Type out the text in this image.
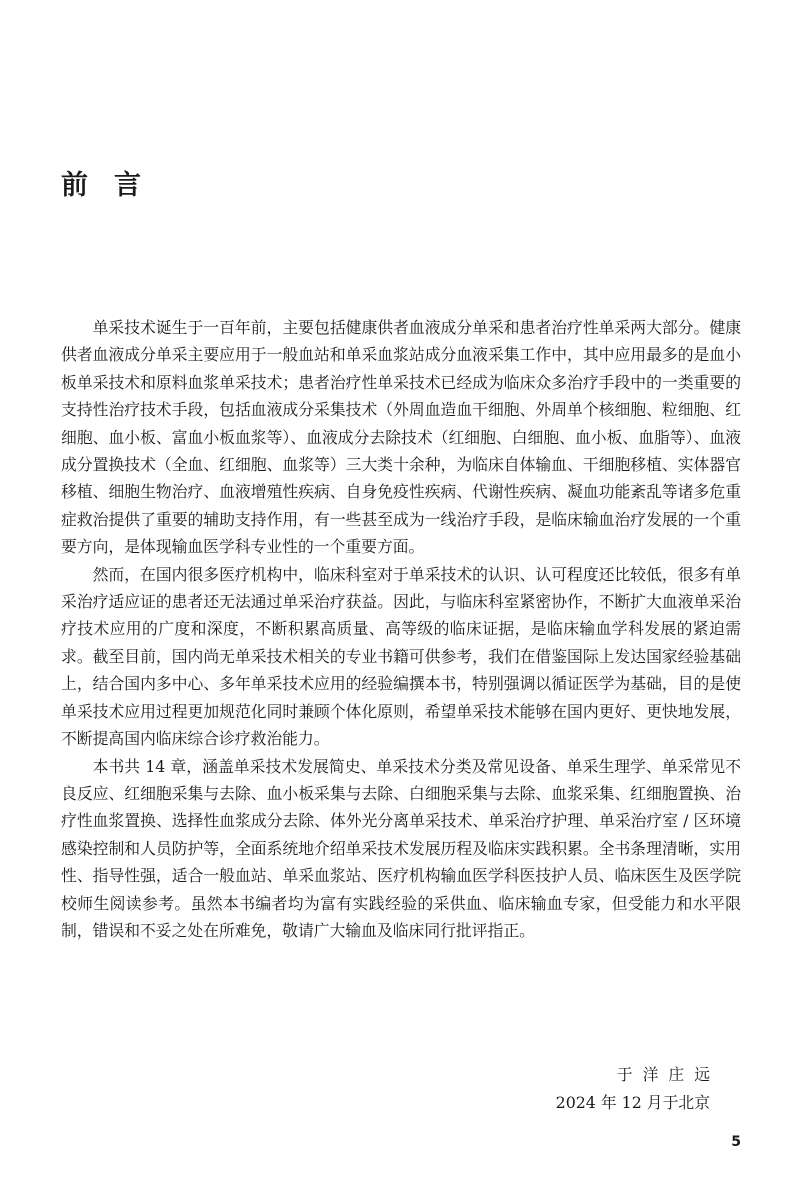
前言

单采技术诞生于一百年前，主要包括健康供者血液成分单采和患者治疗性单采两大部分。健康供者血液成分单采主要应用于一般血站和单采血浆站成分血液采集工作中，其中应用最多的是血小板单采技术和原料血浆单采技术；患者治疗性单采技术已经成为临床众多治疗手段中的一类重要的支持性治疗技术手段，包括血液成分采集技术（外周血造血干细胞、外周单个核细胞、粒细胞、红细胞、血小板、富血小板血浆等）、血液成分去除技术（红细胞、白细胞、血小板、血脂等）、血液成分置换技术（全血、红细胞、血浆等）三大类十余种，为临床自体输血、干细胞移植、实体器官移植、细胞生物治疗、血液增殖性疾病、自身免疫性疾病、代谢性疾病、凝血功能紊乱等诸多危重症救治提供了重要的辅助支持作用，有一些甚至成为一线治疗手段，是临床输血治疗发展的一个重要方向，是体现输血医学科专业性的一个重要方面。

然而，在国内很多医疗机构中，临床科室对于单采技术的认识、认可程度还比较低，很多有单采治疗适应证的患者还无法通过单采治疗获益。因此，与临床科室紧密协作，不断扩大血液单采治疗技术应用的广度和深度，不断积累高质量、高等级的临床证据，是临床输血学科发展的紧迫需求。截至目前，国内尚无单采技术相关的专业书籍可供参考，我们在借鉴国际上发达国家经验基础上，结合国内多中心、多年单采技术应用的经验编撰本书，特别强调以循证医学为基础，目的是使单采技术应用过程更加规范化同时兼顾个体化原则，希望单采技术能够在国内更好、更快地发展，不断提高国内临床综合诊疗救治能力。

本书共 14 章，涵盖单采技术发展简史、单采技术分类及常见设备、单采生理学、单采常见不良反应、红细胞采集与去除、血小板采集与去除、白细胞采集与去除、血浆采集、红细胞置换、治疗性血浆置换、选择性血浆成分去除、体外光分离单采技术、单采治疗护理、单采治疗室 / 区环境感染控制和人员防护等，全面系统地介绍单采技术发展历程及临床实践积累。全书条理清晰，实用性、指导性强，适合一般血站、单采血浆站、医疗机构输血医学科医技护人员、临床医生及医学院校师生阅读参考。虽然本书编者均为富有实践经验的采供血、临床输血专家，但受能力和水平限制，错误和不妥之处在所难免，敬请广大输血及临床同行批评指正。

于洋庄远
2024 年 12 月于北京
5
